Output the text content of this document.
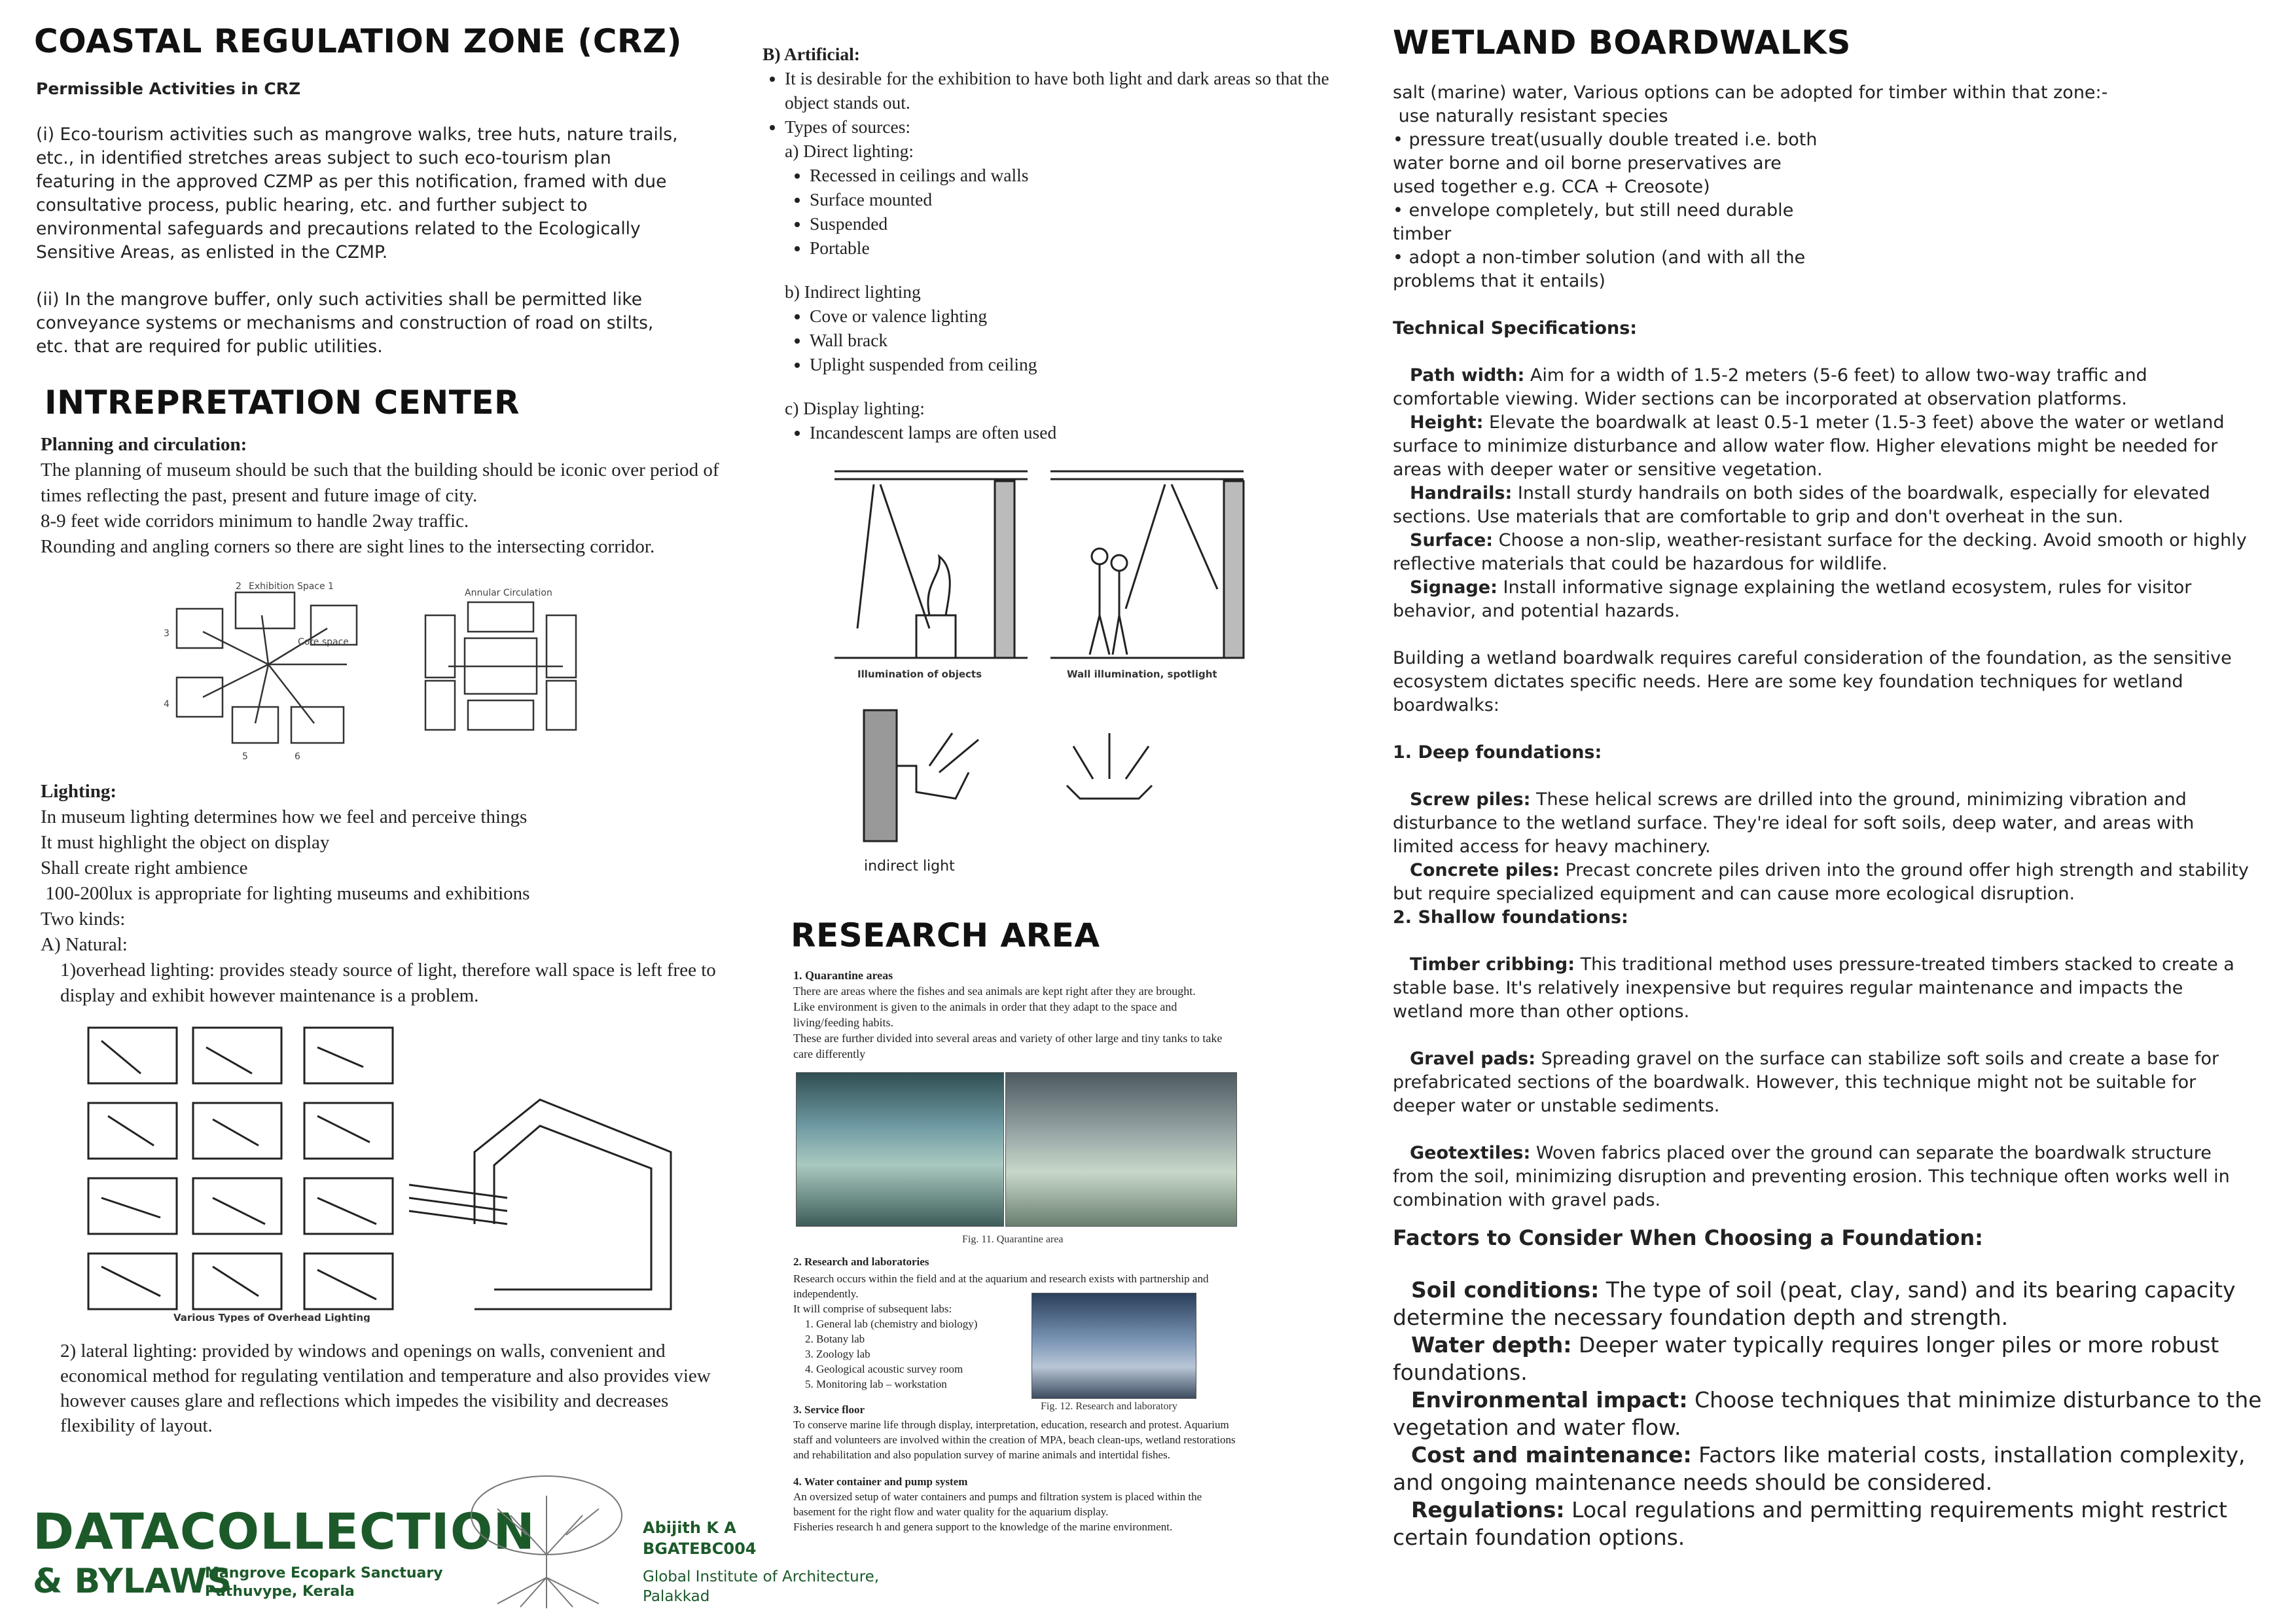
COASTAL REGULATION ZONE (CRZ)
Permissible Activities in CRZ
(i) Eco-tourism activities such as mangrove walks, tree huts, nature trails, etc., in identified stretches areas subject to such eco-tourism plan featuring in the approved CZMP as per this notification, framed with due consultative process, public hearing, etc. and further subject to environmental safeguards and precautions related to the Ecologically Sensitive Areas, as enlisted in the CZMP.
(ii) In the mangrove buffer, only such activities shall be permitted like conveyance systems or mechanisms and construction of road on stilts, etc. that are required for public utilities.
INTREPRETATION CENTER
Planning and circulation:
The planning of museum should be such that the building should be iconic over period of times reflecting the past, present and future image of city.
8-9 feet wide corridors minimum to handle 2way traffic.
Rounding and angling corners so there are sight lines to the intersecting corridor.
Exhibition Space 1
2
Core space
3
4
5	6
Annular Circulation
Lighting:
In museum lighting determines how we feel and perceive things
It must highlight the object on display
Shall create right ambience
100-200lux is appropriate for lighting museums and exhibitions
Two kinds:
A) Natural:
1)overhead lighting: provides steady source of light, therefore wall space is left free to display and exhibit however maintenance is a problem.
Various Types of Overhead Lighting
2) lateral lighting: provided by windows and openings on walls, convenient and economical method for regulating ventilation and temperature and also provides view however causes glare and reflections which impedes the visibility and decreases flexibility of layout.
B) Artificial:
• It is desirable for the exhibition to have both light and dark areas so that the object stands out.
• Types of sources:
a) Direct lighting:
• Recessed in ceilings and walls
• Surface mounted
• Suspended
• Portable
b) Indirect lighting
• Cove or valence lighting
• Wall brack
• Uplight suspended from ceiling
c) Display lighting:
• Incandescent lamps are often used
Illumination of objects	Wall illumination, spotlight
indirect light
RESEARCH AREA
1. Quarantine areas
There are areas where the fishes and sea animals are kept right after they are brought.
Like environment is given to the animals in order that they adapt to the space and living/feeding habits.
These are further divided into several areas and variety of other large and tiny tanks to take care differently
Fig. 11. Quarantine area
2. Research and laboratories
Research occurs within the field and at the aquarium and research exists with partnership and independently.
It will comprise of subsequent labs:
1. General lab (chemistry and biology)
2. Botany lab
3. Zoology lab
4. Geological acoustic survey room
5. Monitoring lab – workstation
Fig. 12. Research and laboratory
3. Service floor
To conserve marine life through display, interpretation, education, research and protest. Aquarium staff and volunteers are involved within the creation of MPA, beach clean-ups, wetland restorations and rehabilitation and also population survey of marine animals and intertidal fishes.
4. Water container and pump system
An oversized setup of water containers and pumps and filtration system is placed within the basement for the right flow and water quality for the aquarium display.
Fisheries research h and genera support to the knowledge of the marine environment.
WETLAND BOARDWALKS
salt (marine) water, Various options can be adopted for timber within that zone:-
use naturally resistant species
• pressure treat(usually double treated i.e. both
water borne and oil borne preservatives are
used together e.g. CCA + Creosote)
• envelope completely, but still need durable
timber
• adopt a non-timber solution (and with all the
problems that it entails)
Technical Specifications:
Path width: Aim for a width of 1.5-2 meters (5-6 feet) to allow two-way traffic and comfortable viewing. Wider sections can be incorporated at observation platforms.
Height: Elevate the boardwalk at least 0.5-1 meter (1.5-3 feet) above the water or wetland surface to minimize disturbance and allow water flow. Higher elevations might be needed for areas with deeper water or sensitive vegetation.
Handrails: Install sturdy handrails on both sides of the boardwalk, especially for elevated sections. Use materials that are comfortable to grip and don't overheat in the sun.
Surface: Choose a non-slip, weather-resistant surface for the decking. Avoid smooth or highly reflective materials that could be hazardous for wildlife.
Signage: Install informative signage explaining the wetland ecosystem, rules for visitor behavior, and potential hazards.
Building a wetland boardwalk requires careful consideration of the foundation, as the sensitive ecosystem dictates specific needs. Here are some key foundation techniques for wetland boardwalks:
1. Deep foundations:
Screw piles: These helical screws are drilled into the ground, minimizing vibration and disturbance to the wetland surface. They're ideal for soft soils, deep water, and areas with limited access for heavy machinery.
Concrete piles: Precast concrete piles driven into the ground offer high strength and stability but require specialized equipment and can cause more ecological disruption.
2. Shallow foundations:
Timber cribbing: This traditional method uses pressure-treated timbers stacked to create a stable base. It's relatively inexpensive but requires regular maintenance and impacts the wetland more than other options.
Gravel pads: Spreading gravel on the surface can stabilize soft soils and create a base for prefabricated sections of the boardwalk. However, this technique might not be suitable for deeper water or unstable sediments.
Geotextiles: Woven fabrics placed over the ground can separate the boardwalk structure from the soil, minimizing disruption and preventing erosion. This technique often works well in combination with gravel pads.
Factors to Consider When Choosing a Foundation:
Soil conditions: The type of soil (peat, clay, sand) and its bearing capacity determine the necessary foundation depth and strength.
Water depth: Deeper water typically requires longer piles or more robust foundations.
Environmental impact: Choose techniques that minimize disturbance to the vegetation and water flow.
Cost and maintenance: Factors like material costs, installation complexity, and ongoing maintenance needs should be considered.
Regulations: Local regulations and permitting requirements might restrict certain foundation options.
DATACOLLECTION
& BYLAWS
Mangrove Ecopark Sanctuary
Puthuvype, Kerala
Abijith K A
BGATEBC004
Global Institute of Architecture,
Palakkad
